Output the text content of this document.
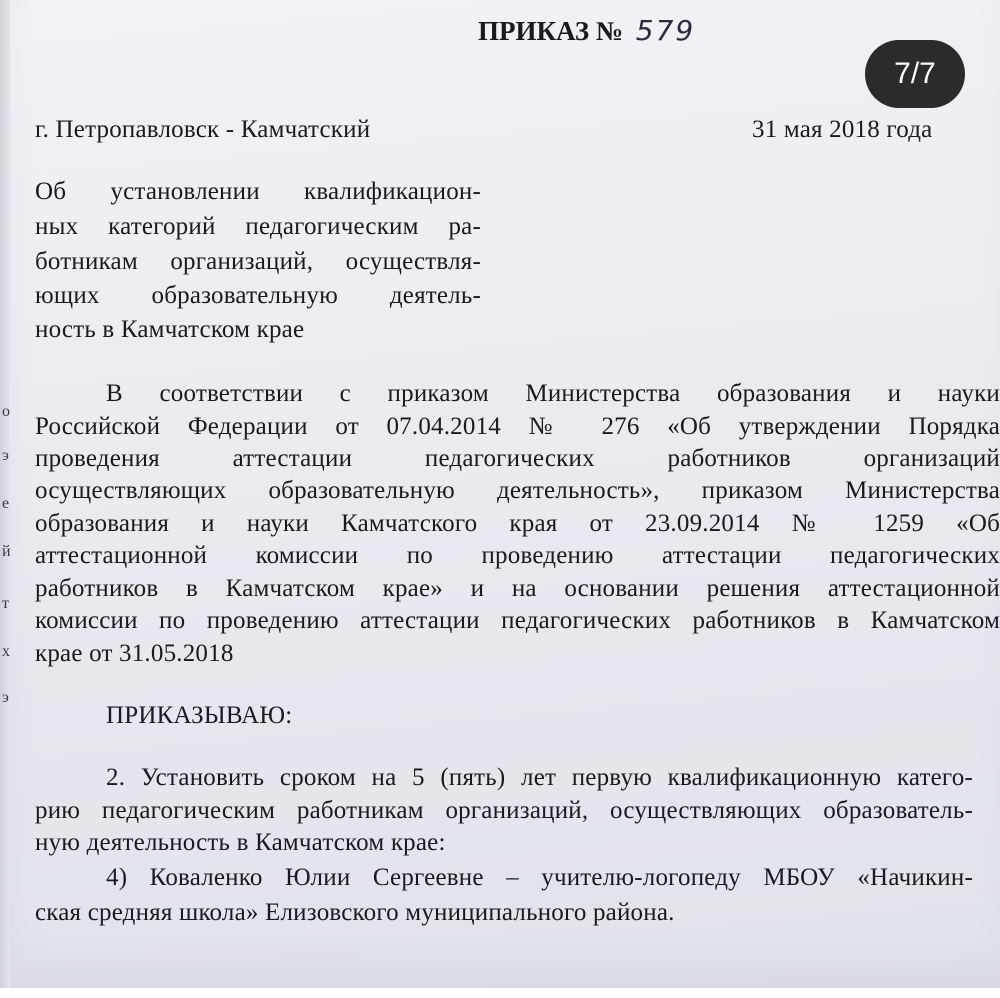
о
э
е
й
т
х
э
ПРИКАЗ № 579
7/7
г. Петропавловск - Камчатский	31 мая 2018 года
Об установлении квалификацион-
ных категорий педагогическим ра-
ботникам организаций, осуществля-
ющих образовательную деятель-
ность в Камчатском крае
В соответствии с приказом Министерства образования и науки
Российской Федерации от 07.04.2014 № 276 «Об утверждении Порядка
проведения аттестации педагогических работников организаций
осуществляющих образовательную деятельность», приказом Министерства
образования и науки Камчатского края от 23.09.2014 № 1259 «Об
аттестационной комиссии по проведению аттестации педагогических
работников в Камчатском крае» и на основании решения аттестационной
комиссии по проведению аттестации педагогических работников в Камчатском
крае от 31.05.2018
ПРИКАЗЫВАЮ:
2. Установить сроком на 5 (пять) лет первую квалификационную катего-
рию педагогическим работникам организаций, осуществляющих образователь-
ную деятельность в Камчатском крае:
4) Коваленко Юлии Сергеевне – учителю-логопеду МБОУ «Начикин-
ская средняя школа» Елизовского муниципального района.
